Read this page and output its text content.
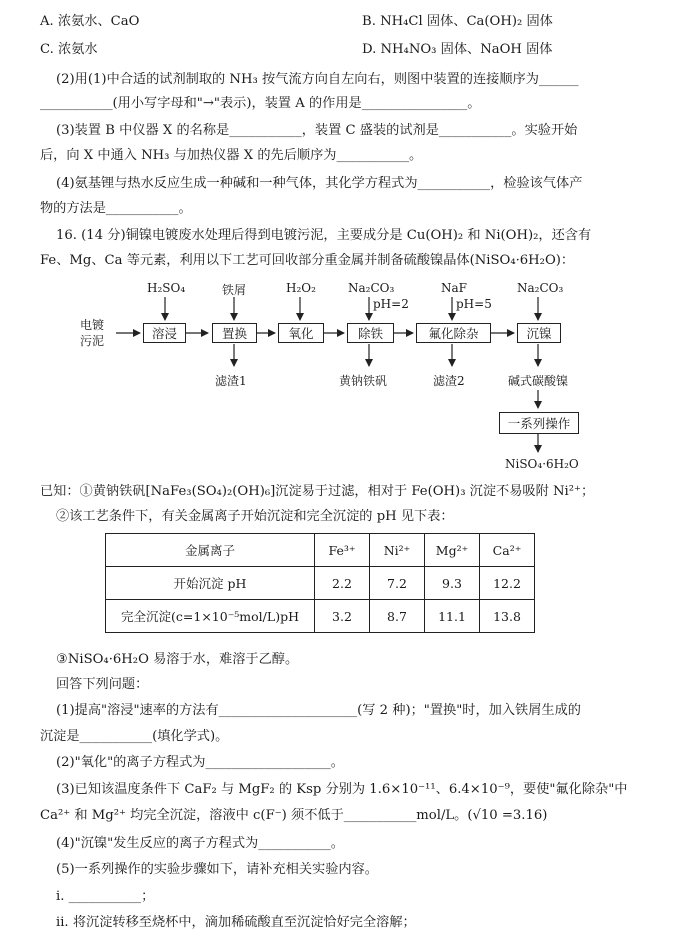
A. 浓氨水、CaO	B. NH₄Cl 固体、Ca(OH)₂ 固体
C. 浓氨水	D. NH₄NO₃ 固体、NaOH 固体
(2)用(1)中合适的试剂制取的 NH₃ 按气流方向自左向右，则图中装置的连接顺序为______
___________(用小写字母和"→"表示)，装置 A 的作用是________________。
(3)装置 B 中仪器 X 的名称是___________，装置 C 盛装的试剂是___________。实验开始
后，向 X 中通入 NH₃ 与加热仪器 X 的先后顺序为___________。
(4)氨基锂与热水反应生成一种碱和一种气体，其化学方程式为___________，检验该气体产
物的方法是___________。
16. (14 分)铜镍电镀废水处理后得到电镀污泥，主要成分是 Cu(OH)₂ 和 Ni(OH)₂，还含有
Fe、Mg、Ca 等元素，利用以下工艺可回收部分重金属并制备硫酸镍晶体(NiSO₄·6H₂O)：
电镀
污泥
H₂SO₄	铁屑	H₂O₂	Na₂CO₃	NaF	Na₂CO₃
pH=2	pH=5
溶浸	置换	氧化	除铁	氟化除杂	沉镍
滤渣1	黄钠铁矾	滤渣2	碱式碳酸镍
一系列操作
NiSO₄·6H₂O
已知：①黄钠铁矾[NaFe₃(SO₄)₂(OH)₆]沉淀易于过滤，相对于 Fe(OH)₃ 沉淀不易吸附 Ni²⁺；
②该工艺条件下，有关金属离子开始沉淀和完全沉淀的 pH 见下表：
金属离子	Fe³⁺	Ni²⁺	Mg²⁺	Ca²⁺
开始沉淀 pH	2.2	7.2	9.3	12.2
完全沉淀(c=1×10⁻⁵mol/L)pH	3.2	8.7	11.1	13.8
③NiSO₄·6H₂O 易溶于水，难溶于乙醇。
回答下列问题：
(1)提高"溶浸"速率的方法有_____________________(写 2 种)；"置换"时，加入铁屑生成的
沉淀是___________(填化学式)。
(2)"氧化"的离子方程式为___________________。
(3)已知该温度条件下 CaF₂ 与 MgF₂ 的 Ksp 分别为 1.6×10⁻¹¹、6.4×10⁻⁹，要使"氟化除杂"中
Ca²⁺ 和 Mg²⁺ 均完全沉淀，溶液中 c(F⁻) 须不低于___________mol/L。(√10 =3.16)
(4)"沉镍"发生反应的离子方程式为___________。
(5)一系列操作的实验步骤如下，请补充相关实验内容。
ⅰ. ___________；
ⅱ. 将沉淀转移至烧杯中，滴加稀硫酸直至沉淀恰好完全溶解；
